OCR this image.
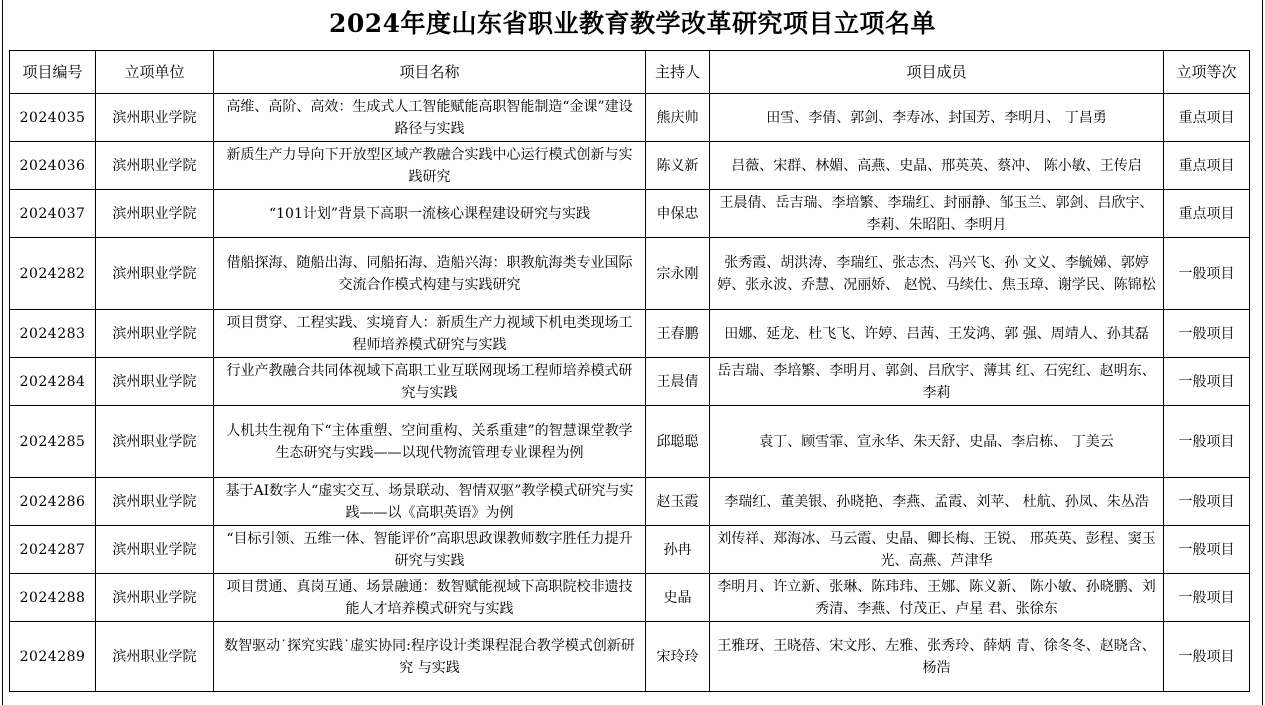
2024年度山东省职业教育教学改革研究项目立项名单
项目编号	立项单位	项目名称	主持人	项目成员	立项等次
2024035	滨州职业学院	高维、高阶、高效：生成式人工智能赋能高职智能制造“金课”建设路径与实践	熊庆帅	田雪、李倩、郭剑、李寿冰、封国芳、李明月、 丁昌勇	重点项目
2024036	滨州职业学院	新质生产力导向下开放型区域产教融合实践中心运行模式创新与实践研究	陈义新	吕薇、宋群、林媚、高燕、史晶、邢英英、蔡冲、 陈小敏、王传启	重点项目
2024037	滨州职业学院	“101计划”背景下高职一流核心课程建设研究与实践	申保忠	王晨倩、岳吉瑞、李培繁、李瑞红、封丽静、邹玉兰、郭剑、吕欣宇、李莉、朱昭阳、李明月	重点项目
2024282	滨州职业学院	借船探海、随船出海、同船拓海、造船兴海：职教航海类专业国际交流合作模式构建与实践研究	宗永刚	张秀霞、胡洪涛、李瑞红、张志杰、冯兴飞、孙 文义、李毓娣、郭婷婷、张永波、乔慧、况丽娇、 赵悦、马续仕、焦玉璋、谢学民、陈锦松	一般项目
2024283	滨州职业学院	项目贯穿、工程实践、实境育人：新质生产力视域下机电类现场工程师培养模式研究与实践	王春鹏	田娜、延龙、杜飞飞、许婷、吕茜、王发鸿、郭 强、周靖人、孙其磊	一般项目
2024284	滨州职业学院	行业产教融合共同体视域下高职工业互联网现场工程师培养模式研究与实践	王晨倩	岳吉瑞、李培繁、李明月、郭剑、吕欣宇、薄其 红、石宪红、赵明东、李莉	一般项目
2024285	滨州职业学院	人机共生视角下“主体重塑、空间重构、关系重建”的智慧课堂教学生态研究与实践——以现代物流管理专业课程为例	邱聪聪	袁丁、顾雪霏、宣永华、朱天舒、史晶、李启栋、 丁美云	一般项目
2024286	滨州职业学院	基于AI数字人“虚实交互、场景联动、智情双驱”教学模式研究与实践——以《高职英语》为例	赵玉霞	李瑞红、董美银、孙晓艳、李燕、孟霞、刘苹、 杜航、孙凤、朱丛浩	一般项目
2024287	滨州职业学院	“目标引领、五维一体、智能评价”高职思政课教师数字胜任力提升研究与实践	孙冉	刘传祥、郑海冰、马云霞、史晶、卿长梅、王锐、 邢英英、彭程、窦玉光、高燕、芦津华	一般项目
2024288	滨州职业学院	项目贯通、真岗互通、场景融通：数智赋能视域下高职院校非遗技能人才培养模式研究与实践	史晶	李明月、许立新、张琳、陈玮玮、王娜、陈义新、 陈小敏、孙晓鹏、刘秀清、李燕、付茂正、卢星 君、张徐东	一般项目
2024289	滨州职业学院	数智驱动˙探究实践˙虚实协同:程序设计类课程混合教学模式创新研究 与实践	宋玲玲	王雅玡、王晓蓓、宋文彤、左雅、张秀玲、薛炳 青、徐冬冬、赵晓含、杨浩	一般项目
